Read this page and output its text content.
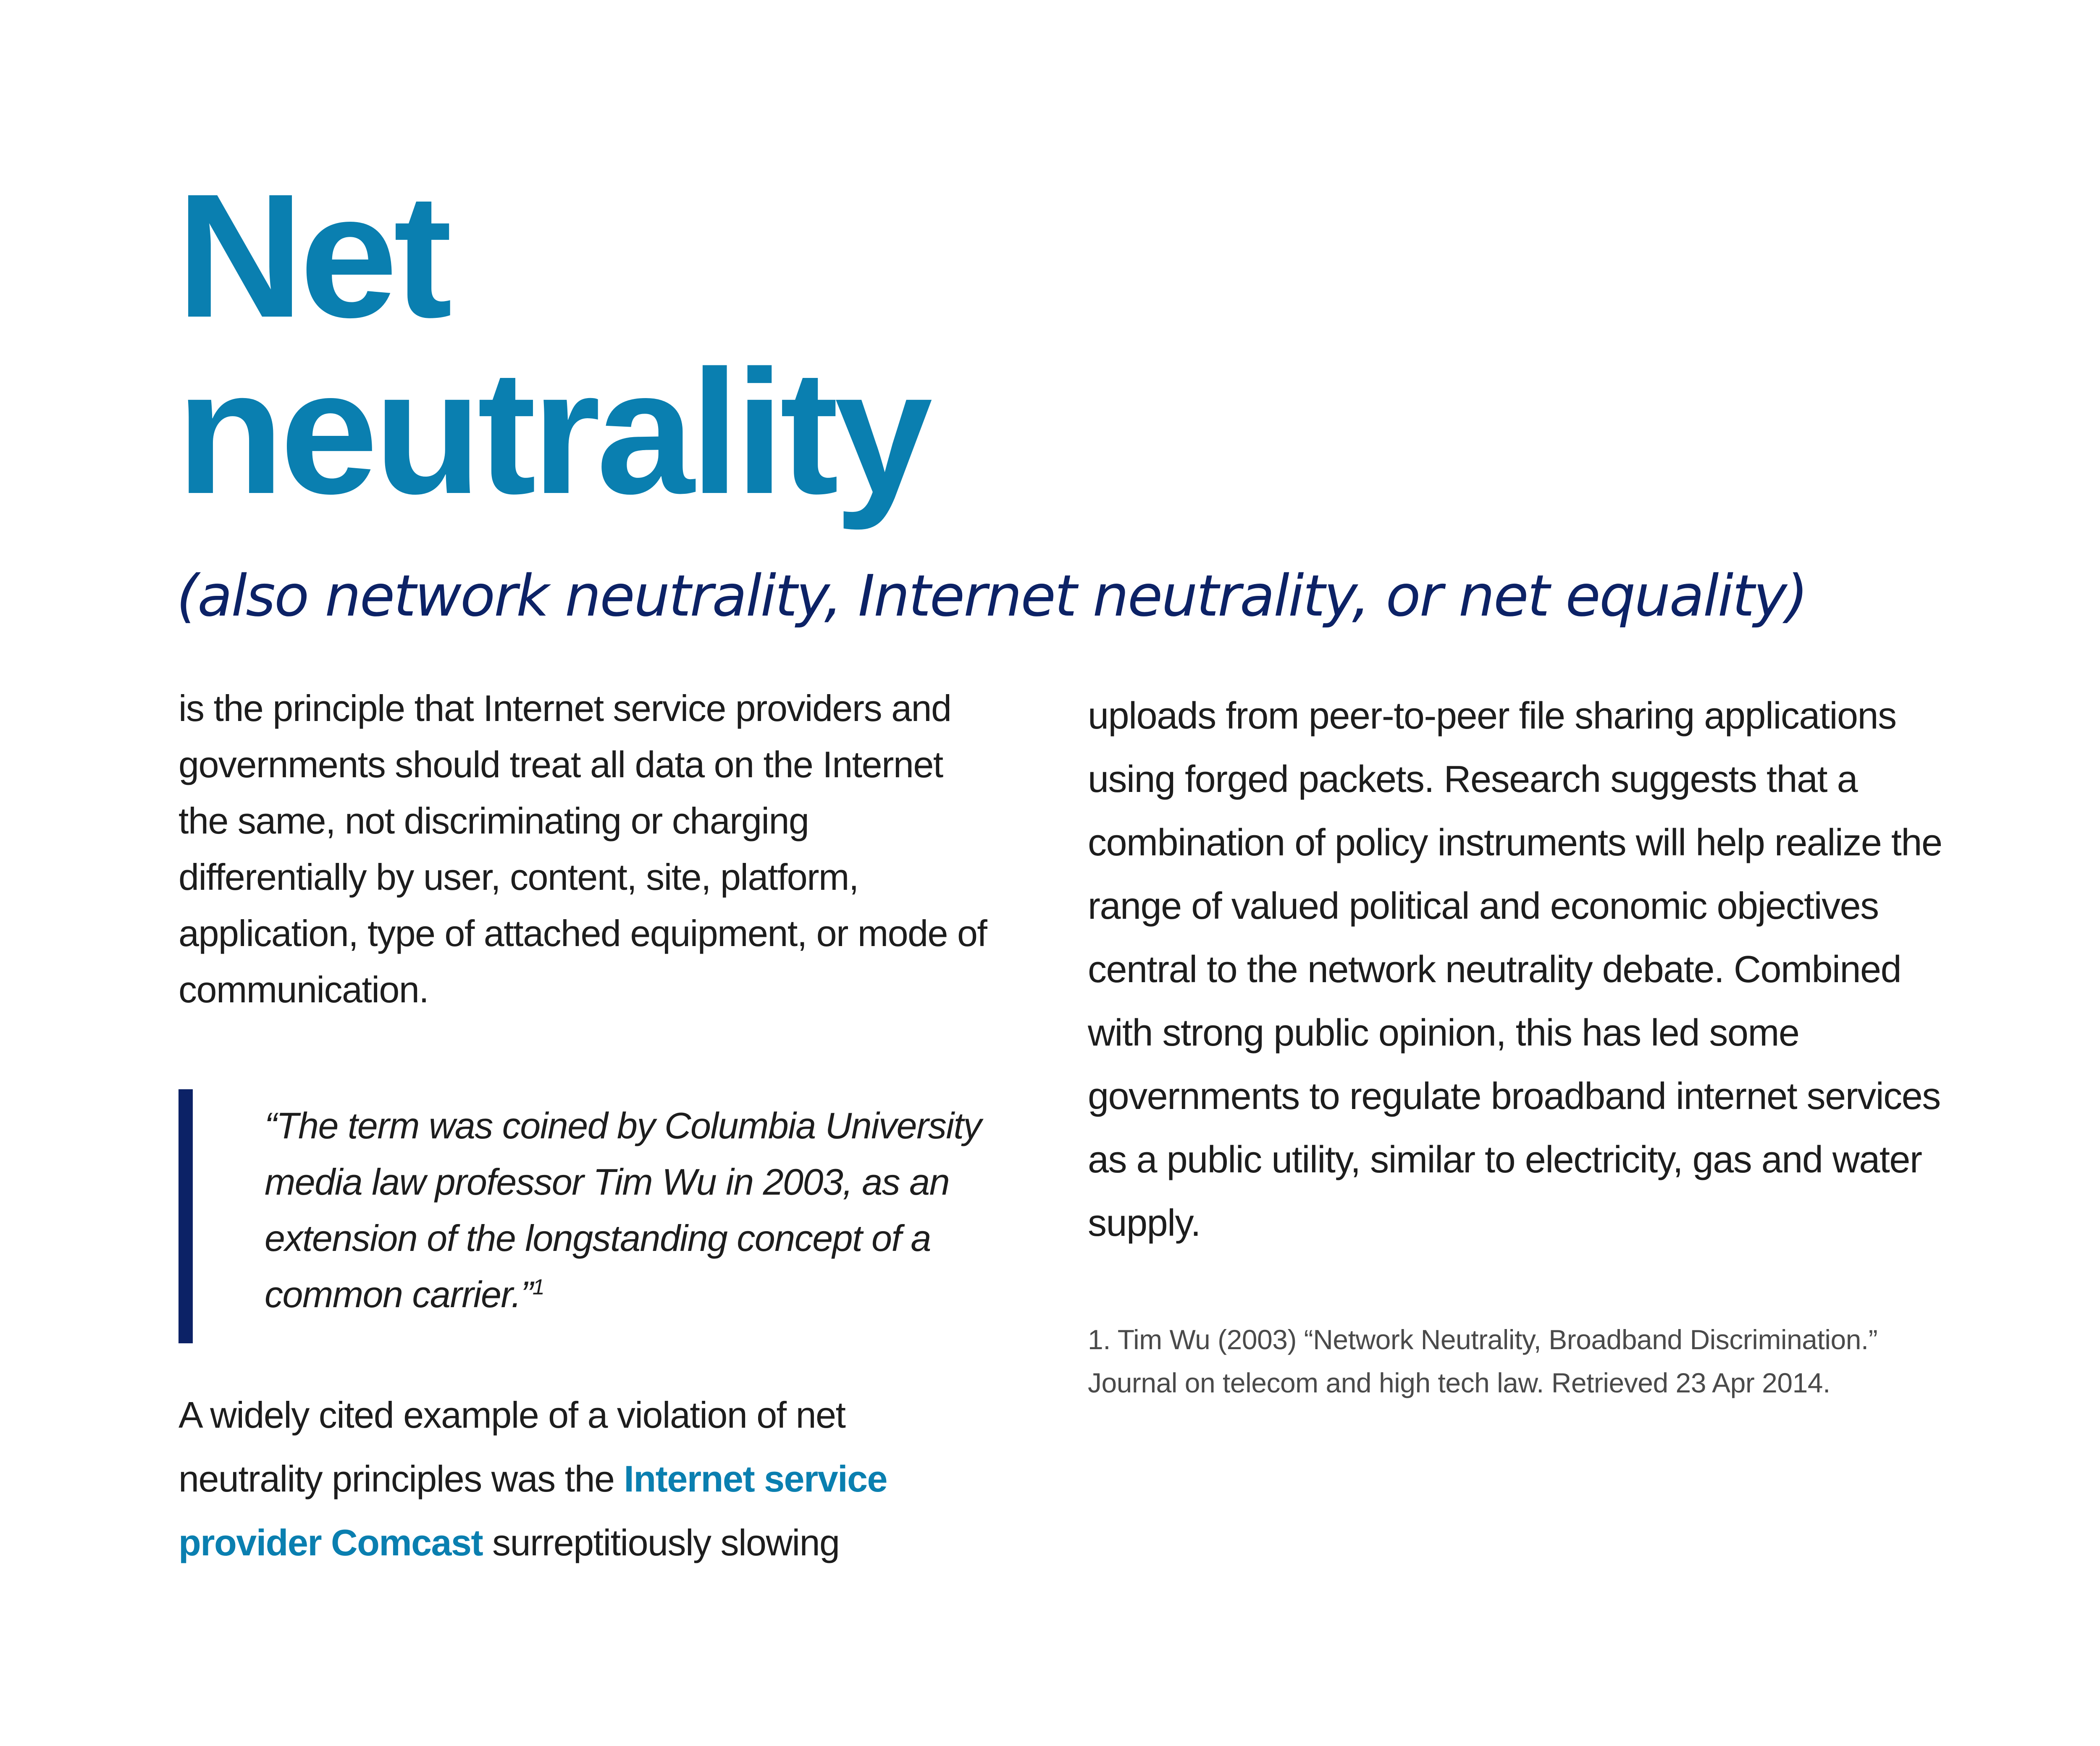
Net
neutrality

(also network neutrality, Internet neutrality, or net equality)

is the principle that Internet service providers and governments should treat all data on the Internet the same, not discriminating or charging differentially by user, content, site, platform, application, type of attached equipment, or mode of communication.

“The term was coined by Columbia University media law professor Tim Wu in 2003, as an extension of the longstanding concept of a common carrier.”$^1$

A widely cited example of a violation of net neutrality principles was the Internet service provider Comcast surreptitiously slowing

uploads from peer-to-peer file sharing applications using forged packets. Research suggests that a combination of policy instruments will help realize the range of valued political and economic objectives central to the network neutrality debate. Combined with strong public opinion, this has led some governments to regulate broadband internet services as a public utility, similar to electricity, gas and water supply.

1. Tim Wu (2003) “Network Neutrality, Broadband Discrimination.” Journal on telecom and high tech law. Retrieved 23 Apr 2014.
